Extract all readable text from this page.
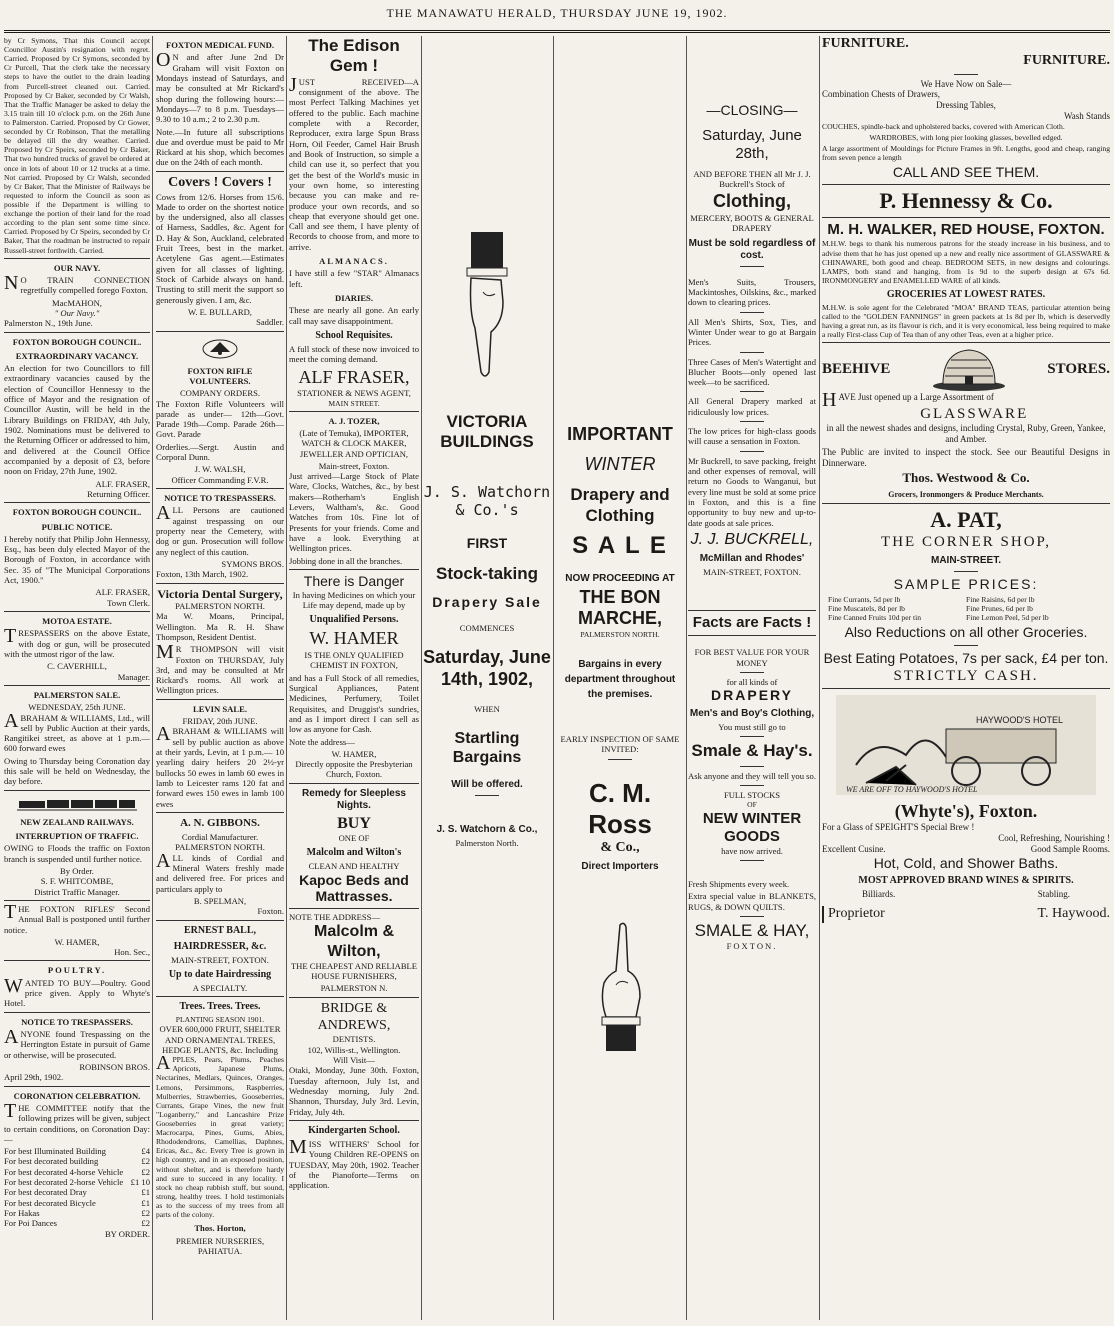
THE MANAWATU HERALD, THURSDAY JUNE 19, 1902.

by Cr Symons, That this Council accept Councillor Austin's resignation with regret. Carried. Proposed by Cr Symons, seconded by Cr Purcell, That the clerk take the necessary steps to have the outlet to the drain leading from Purcell-street cleaned out. Carried. Proposed by Cr Baker, seconded by Cr Walsh, That the Traffic Manager be asked to delay the 3.15 train till 10 o'clock p.m. on the 26th June to Palmerston. Carried. Proposed by Cr Gower, seconded by Cr Robinson, That the metalling be delayed till the dry weather. Carried. Proposed by Cr Speirs, seconded by Cr Baker, That two hundred trucks of gravel be ordered at once in lots of about 10 or 12 trucks at a time. Not carried. Proposed by Cr Walsh, seconded by Cr Baker, That the Minister of Railways be requested to inform the Council as soon as possible if the Department is willing to exchange the portion of their land for the road according to the plan sent some time since. Carried. Proposed by Cr Speirs, seconded by Cr Baker, That the roadman be instructed to repair Russell-street forthwith. Carried.

OUR NAVY.

NO TRAIN CONNECTION regretfully compelled forego Foxton.

MacMAHON,
" Our Navy."
Palmerston N., 19th June.
FOXTON BOROUGH COUNCIL.
EXTRAORDINARY VACANCY.

An election for two Councillors to fill extraordinary vacancies caused by the election of Councillor Hennessy to the office of Mayor and the resignation of Councillor Austin, will be held in the Library Buildings on FRIDAY, 4th July, 1902. Nominations must be delivered to the Returning Officer or addressed to him, and delivered at the Council Office accompanied by a deposit of £3, before noon on Friday, 27th June, 1902.

ALF. FRASER,
Returning Officer.
FOXTON BOROUGH COUNCIL.
PUBLIC NOTICE.

I hereby notify that Philip John Hennessy, Esq., has been duly elected Mayor of the Borough of Foxton, in accordance with Sec. 35 of "The Municipal Corporations Act, 1900."

ALF. FRASER,
Town Clerk.
MOTOA ESTATE.

TRESPASSERS on the above Estate, with dog or gun, will be prosecuted with the utmost rigor of the law.

C. CAVERHILL,
Manager.
PALMERSTON SALE.
WEDNESDAY, 25th JUNE.

ABRAHAM & WILLIAMS, Ltd., will sell by Public Auction at their yards, Rangitikei street, as above at 1 p.m.— 600 forward ewes

Owing to Thursday being Coronation day this sale will be held on Wednesday, the day before.

NEW ZEALAND RAILWAYS.
INTERRUPTION OF TRAFFIC.

OWING to Floods the traffic on Foxton branch is suspended until further notice.

By Order.
S. F. WHITCOMBE,
District Traffic Manager.

THE FOXTON RIFLES' Second Annual Ball is postponed until further notice.

W. HAMER,
Hon. Sec.,
POULTRY.

WANTED TO BUY—Poultry. Good price given. Apply to Whyte's Hotel.

NOTICE TO TRESPASSERS.

ANYONE found Trespassing on the Herrington Estate in pursuit of Game or otherwise, will be prosecuted.

ROBINSON BROS.
April 29th, 1902.
CORONATION CELEBRATION.

THE COMMITTEE notify that the following prizes will be given, subject to certain conditions, on Coronation Day:—

For best Illuminated Building	£4
For best decorated building	£2
For best decorated 4-horse Vehicle £2
For best decorated 2-horse Vehicle £1 10
For best decorated Dray	£1
For best decorated Bicycle	£1
For Hakas	£2
For Poi Dances	£2
BY ORDER.
FOXTON MEDICAL FUND.

ON and after June 2nd Dr Graham will visit Foxton on Mondays instead of Saturdays, and may be consulted at Mr Rickard's shop during the following hours:— Mondays—7 to 8 p.m. Tuesdays—9.30 to 10 a.m.; 2 to 2.30 p.m.

Note.—In future all subscriptions due and overdue must be paid to Mr Rickard at his shop, which becomes due on the 24th of each month.

Covers ! Covers !

Cows from 12/6. Horses from 15/6. Made to order on the shortest notice by the undersigned, also all classes of Harness, Saddles, &c. Agent for D. Hay & Son, Auckland, celebrated Fruit Trees, best in the market. Acetylene Gas agent.—Estimates given for all classes of lighting. Stock of Carbide always on hand. Trusting to still merit the support so generously given. I am, &c.

W. E. BULLARD,
Saddler.
FOXTON RIFLE VOLUNTEERS.
COMPANY ORDERS.

The Foxton Rifle Volunteers will parade as under— 12th—Govt. Parade 19th—Comp. Parade 26th—Govt. Parade

Orderlies.—Sergt. Austin and Corporal Dunn.

J. W. WALSH,
Officer Commanding F.V.R.
NOTICE TO TRESPASSERS.

ALL Persons are cautioned against trespassing on our property near the Cemetery, with dog or gun. Prosecution will follow any neglect of this caution.

SYMONS BROS.
Foxton, 13th March, 1902.
Victoria Dental Surgery,
PALMERSTON NORTH.

Ma W. Moans, Principal, Wellington. Ma R. H. Shaw Thompson, Resident Dentist.

MR THOMPSON will visit Foxton on THURSDAY, July 3rd, and may be consulted at Mr Rickard's rooms. All work at Wellington prices.

LEVIN SALE.
FRIDAY, 20th JUNE.

ABRAHAM & WILLIAMS will sell by public auction as above at their yards, Levin, at 1 p.m.— 10 yearling dairy heifers 20 2½-yr bullocks 50 ewes in lamb 60 ewes in lamb to Leicester rams 120 fat and forward ewes 150 ewes in lamb 100 ewes

A. N. GIBBONS.
Cordial Manufacturer. PALMERSTON NORTH.

ALL kinds of Cordial and Mineral Waters freshly made and delivered free. For prices and particulars apply to

B. SPELMAN,
Foxton.
ERNEST BALL,
HAIRDRESSER, &c.
MAIN-STREET, FOXTON.
Up to date Hairdressing
A SPECIALTY.
Trees. Trees. Trees.
PLANTING SEASON 1901.
OVER 600,000 FRUIT, SHELTER AND ORNAMENTAL TREES, HEDGE PLANTS, &c. Including

APPLES, Pears, Plums, Peaches Apricots, Japanese Plums, Nectarines, Medlars, Quinces, Oranges, Lemons, Persimmons, Raspberries, Mulberries, Strawberries, Gooseberries, Currants, Grape Vines, the new fruit "Loganberry," and Lancashire Prize Gooseberries in great variety; Macrocarpa, Pines, Gums, Abies, Rhododendrons, Camellias, Daphnes, Ericas, &c., &c. Every Tree is grown in high country, and in an exposed position, without shelter, and is therefore hardy and sure to succeed in any locality. I stock no cheap rubbish stuff, but sound, strong, healthy trees. I hold testimonials as to the success of my trees from all parts of the colony.

Thos. Horton,
PREMIER NURSERIES,
PAHIATUA.
The Edison Gem !

JUST RECEIVED—A consignment of the above. The most Perfect Talking Machines yet offered to the public. Each machine complete with a Recorder, Reproducer, extra large Spun Brass Horn, Oil Feeder, Camel Hair Brush and Book of Instruction, so simple a child can use it, so perfect that you get the best of the World's music in your own home, so interesting because you can make and re-produce your own records, and so cheap that everyone should get one. Call and see them, I have plenty of Records to choose from, and more to arrive.

ALMANACS.

I have still a few "STAR" Almanacs left.

DIARIES.

These are nearly all gone. An early call may save disappointment.

School Requisites.

A full stock of these now invoiced to meet the coming demand.

ALF FRASER,
STATIONER & NEWS AGENT,
MAIN STREET.
A. J. TOZER,

(Late of Temuka), IMPORTER, WATCH & CLOCK MAKER, JEWELLER AND OPTICIAN,

Main-street, Foxton.

Just arrived—Large Stock of Plate Ware, Clocks, Watches, &c., by best makers—Rotherham's English Levers, Waltham's, &c. Good Watches from 10s. Fine lot of Presents for your friends. Come and have a look. Everything at Wellington prices.

Jobbing done in all the branches.

There is Danger

In having Medicines on which your Life may depend, made up by

Unqualified Persons.
W. HAMER

IS THE ONLY QUALIFIED CHEMIST IN FOXTON,

and has a Full Stock of all remedies, Surgical Appliances, Patent Medicines, Perfumery, Toilet Requisites, and Druggist's sundries, and as I import direct I can sell as low as anyone for Cash.

Note the address—

W. HAMER,

Directly opposite the Presbyterian Church, Foxton.

Remedy for Sleepless Nights.
BUY
ONE OF
Malcolm and Wilton's
CLEAN AND HEALTHY
Kapoc Beds and Mattrasses.
NOTE THE ADDRESS—
Malcolm & Wilton,

THE CHEAPEST AND RELIABLE HOUSE FURNISHERS,

PALMERSTON N.
BRIDGE & ANDREWS,
DENTISTS.
102, Willis-st., Wellington.
Will Visit—

Otaki, Monday, June 30th. Foxton, Tuesday afternoon, July 1st, and Wednesday morning, July 2nd. Shannon, Thursday, July 3rd. Levin, Friday, July 4th.

Kindergarten School.

MISS WITHERS' School for Young Children RE-OPENS on TUESDAY, May 20th, 1902. Teacher of the Pianoforte—Terms on application.

VICTORIA BUILDINGS
J. S. Watchorn
& Co.'s
FIRST
Stock-taking
Drapery Sale
COMMENCES
Saturday, June 14th, 1902,
WHEN
Startling Bargains
Will be offered.
J. S. Watchorn & Co.,
Palmerston North.
IMPORTANT
WINTER
Drapery and Clothing
S A L E
NOW PROCEEDING AT
THE BON MARCHE,
PALMERSTON NORTH.
Bargains in every department throughout the premises.
EARLY INSPECTION OF SAME INVITED:
C. M. Ross
& Co.,
Direct Importers
—CLOSING—
Saturday, June 28th,

AND BEFORE THEN all Mr J. J. Buckrell's Stock of

Clothing,

MERCERY, BOOTS & GENERAL DRAPERY

Must be sold regardless of cost.

Men's Suits, Trousers, Mackintoshes, Oilskins, &c., marked down to clearing prices.

All Men's Shirts, Sox, Ties, and Winter Under wear to go at Bargain Prices.

Three Cases of Men's Watertight and Blucher Boots—only opened last week—to be sacrificed.

All General Drapery marked at ridiculously low prices.

The low prices for high-class goods will cause a sensation in Foxton.

Mr Buckrell, to save packing, freight and other expenses of removal, will return no Goods to Wanganui, but every line must be sold at some price in Foxton, and this is a fine opportunity to buy new and up-to-date goods at sale prices.

J. J. BUCKRELL,
McMillan and Rhodes'
MAIN-STREET, FOXTON.
Facts are Facts !

FOR BEST VALUE FOR YOUR MONEY

for all kinds of
DRAPERY
Men's and Boy's Clothing,
You must still go to
Smale & Hay's.

Ask anyone and they will tell you so.

FULL STOCKS
OF
NEW WINTER GOODS
have now arrived.

Fresh Shipments every week.

Extra special value in BLANKETS, RUGS, & DOWN QUILTS.

SMALE & HAY,
FOXTON.
FURNITURE.
FURNITURE.
We Have Now on Sale—
Combination Chests of Drawers,
Dressing Tables,
Wash Stands

COUCHES, spindle-back and upholstered backs, covered with American Cloth.

WARDROBES, with long pier looking glasses, bevelled edged.

A large assortment of Mouldings for Picture Frames in 9ft. Lengths, good and cheap, ranging from seven pence a length

CALL AND SEE THEM.
P. Hennessy & Co.
M. H. WALKER, RED HOUSE, FOXTON.

M.H.W. begs to thank his numerous patrons for the steady increase in his business, and to advise them that he has just opened up a new and really nice assortment of GLASSWARE & CHINAWARE, both good and cheap. BEDROOM SETS, in new designs and colourings. LAMPS, both stand and hanging, from 1s 9d to the superb design at 67s 6d. IRONMONGERY and ENAMELLED WARE of all kinds.

GROCERIES AT LOWEST RATES.

M.H.W. is sole agent for the Celebrated "MOA" BRAND TEAS, particular attention being called to the "GOLDEN FANNINGS" in green packets at 1s 8d per lb, which is deservedly having a great run, as its flavour is rich, and it is very economical, less being required to make a really First-class Cup of Tea than of any other Teas, even at a higher price.

BEEHIVE	STORES.

HAVE Just opened up a Large Assortment of

GLASSWARE

in all the newest shades and designs, including Crystal, Ruby, Green, Yankee, and Amber.

The Public are invited to inspect the stock. See our Beautiful Designs in Dinnerware.

Thos. Westwood & Co.
Grocers, Ironmongers & Produce Merchants.
A. PAT,
THE CORNER SHOP,
MAIN-STREET.
SAMPLE PRICES:
Fine Currants, 5d per lb	Fine Raisins, 6d per lb
Fine Muscatels, 8d per lb	Fine Prunes, 6d per lb
Fine Canned Fruits 10d per tin	Fine Lemon Peel, 5d per lb
Also Reductions on all other Groceries.
Best Eating Potatoes, 7s per sack, £4 per ton.
STRICTLY CASH.
HAYWOOD'S HOTEL
WE ARE OFF TO HAYWOOD'S HOTEL
(Whyte's), Foxton.
For a Glass of SPEIGHT'S Special Brew !
Cool, Refreshing, Nourishing !
Excellent Cusine.	Good Sample Rooms.
Hot, Cold, and Shower Baths.
MOST APPROVED BRAND WINES & SPIRITS.
Billiards.	Stabling.
Proprietor	T. Haywood.
